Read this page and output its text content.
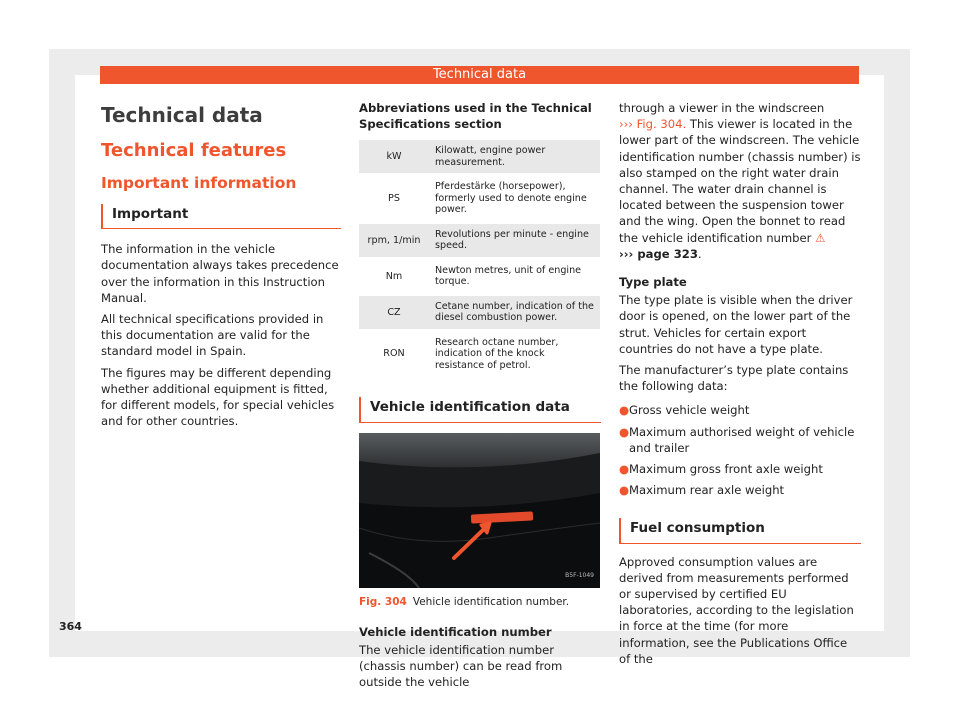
Technical data
Technical data
Technical features
Important information
Important

The information in the vehicle documentation always takes precedence over the information in this Instruction Manual.

All technical specifications provided in this documentation are valid for the standard model in Spain.

The figures may be different depending whether additional equipment is fitted, for different models, for special vehicles and for other countries.

Abbreviations used in the Technical Specifications section
kW	Kilowatt, engine power measurement.
PS	Pferdestärke (horsepower), formerly used to denote engine power.
rpm, 1/min	Revolutions per minute - engine speed.
Nm	Newton metres, unit of engine torque.
CZ	Cetane number, indication of the diesel combustion power.
RON	Research octane number, indication of the knock resistance of petrol.
Vehicle identification data
B5F-1049
Fig. 304 Vehicle identification number.
Vehicle identification number

The vehicle identification number (chassis number) can be read from outside the vehicle

through a viewer in the windscreen
››› Fig. 304. This viewer is located in the lower part of the windscreen. The vehicle identification number (chassis number) is also stamped on the right water drain channel. The water drain channel is located between the suspension tower and the wing. Open the bonnet to read the vehicle identification number ⚠
››› page 323.

Type plate

The type plate is visible when the driver door is opened, on the lower part of the strut. Vehicles for certain export countries do not have a type plate.

The manufacturer’s type plate contains the following data:

● Gross vehicle weight
● Maximum authorised weight of vehicle and trailer
● Maximum gross front axle weight
● Maximum rear axle weight
Fuel consumption

Approved consumption values are derived from measurements performed or supervised by certified EU laboratories, according to the legislation in force at the time (for more information, see the Publications Office of the

364
